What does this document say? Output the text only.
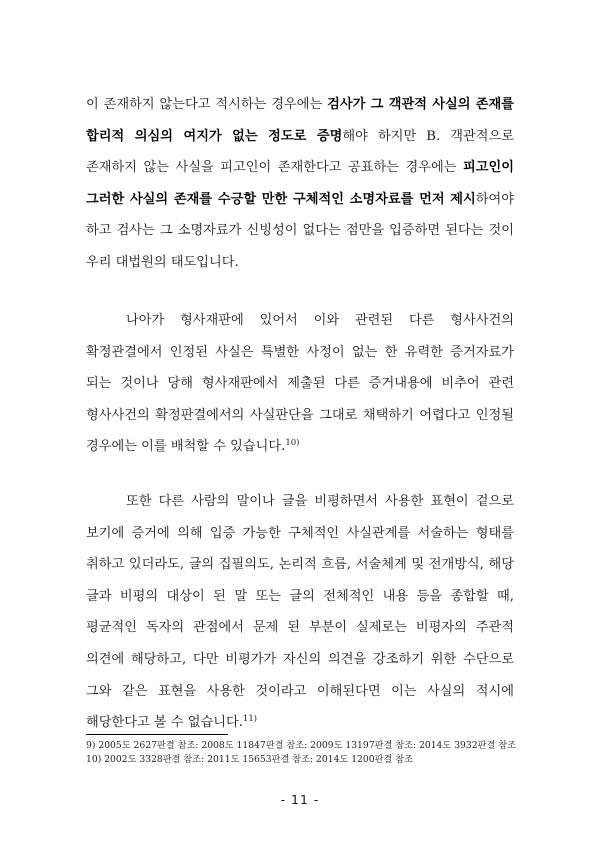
이 존재하지 않는다고 적시하는 경우에는 검사가 그 객관적 사실의 존재를 합리적 의심의 여지가 없는 정도로 증명해야 하지만 B. 객관적으로 존재하지 않는 사실을 피고인이 존재한다고 공표하는 경우에는 피고인이 그러한 사실의 존재를 수긍할 만한 구체적인 소명자료를 먼저 제시하여야 하고 검사는 그 소명자료가 신빙성이 없다는 점만을 입증하면 된다는 것이 우리 대법원의 태도입니다.

나아가 형사재판에 있어서 이와 관련된 다른 형사사건의 확정관결에서 인정된 사실은 특별한 사정이 없는 한 유력한 증거자료가 되는 것이나 당해 형사재판에서 제출된 다른 증거내용에 비추어 관련 형사사건의 확정판결에서의 사실판단을 그대로 채택하기 어렵다고 인정될 경우에는 이를 배척할 수 있습니다.$^{10)}$

또한 다른 사람의 말이나 글을 비평하면서 사용한 표현이 겉으로 보기에 증거에 의해 입증 가능한 구체적인 사실관계를 서술하는 형태를 취하고 있더라도, 글의 집필의도, 논리적 흐름, 서술체계 및 전개방식, 해당 글과 비평의 대상이 된 말 또는 글의 전체적인 내용 등을 종합할 때, 평균적인 독자의 관점에서 문제 된 부분이 실제로는 비평자의 주관적 의견에 해당하고, 다만 비평가가 자신의 의견을 강조하기 위한 수단으로 그와 같은 표현을 사용한 것이라고 이해된다면 이는 사실의 적시에 해당한다고 볼 수 없습니다.$^{11)}$

9) 2005도 2627판결 참조: 2008도 11847판결 참조: 2009도 13197판결 참조: 2014도 3932판결 참조
10) 2002도 3328판결 참조: 2011도 15653판결 참조: 2014도 1200판결 참조
- 11 -
